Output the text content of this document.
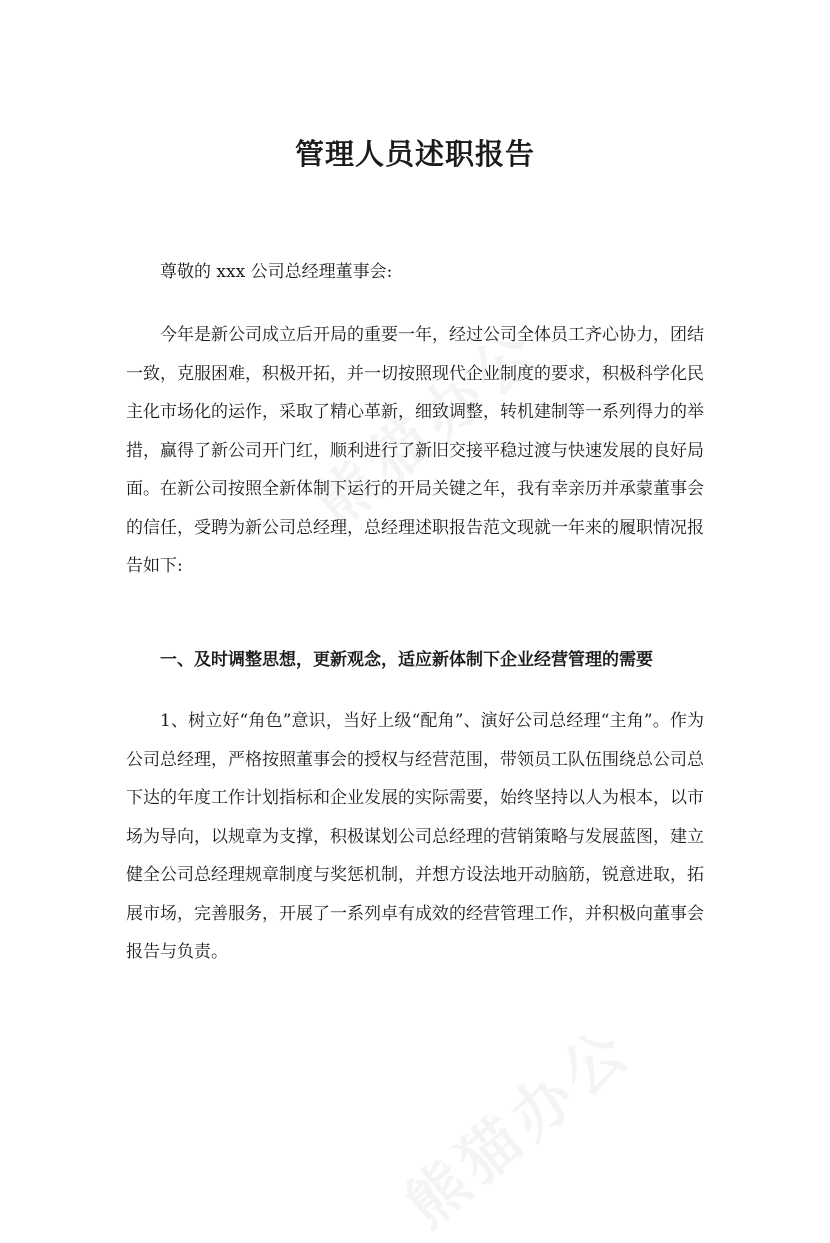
管理人员述职报告

尊敬的 xxx 公司总经理董事会:

今年是新公司成立后开局的重要一年，经过公司全体员工齐心协力，团结一致，克服困难，积极开拓，并一切按照现代企业制度的要求，积极科学化民主化市场化的运作，采取了精心革新，细致调整，转机建制等一系列得力的举措，赢得了新公司开门红，顺利进行了新旧交接平稳过渡与快速发展的良好局面。在新公司按照全新体制下运行的开局关键之年，我有幸亲历并承蒙董事会的信任，受聘为新公司总经理，总经理述职报告范文现就一年来的履职情况报告如下:

一、及时调整思想，更新观念，适应新体制下企业经营管理的需要

1、树立好“角色”意识，当好上级“配角”、演好公司总经理“主角”。作为公司总经理，严格按照董事会的授权与经营范围，带领员工队伍围绕总公司总下达的年度工作计划指标和企业发展的实际需要，始终坚持以人为根本，以市场为导向，以规章为支撑，积极谋划公司总经理的营销策略与发展蓝图，建立健全公司总经理规章制度与奖惩机制，并想方设法地开动脑筋，锐意进取，拓展市场，完善服务，开展了一系列卓有成效的经营管理工作，并积极向董事会报告与负责。
